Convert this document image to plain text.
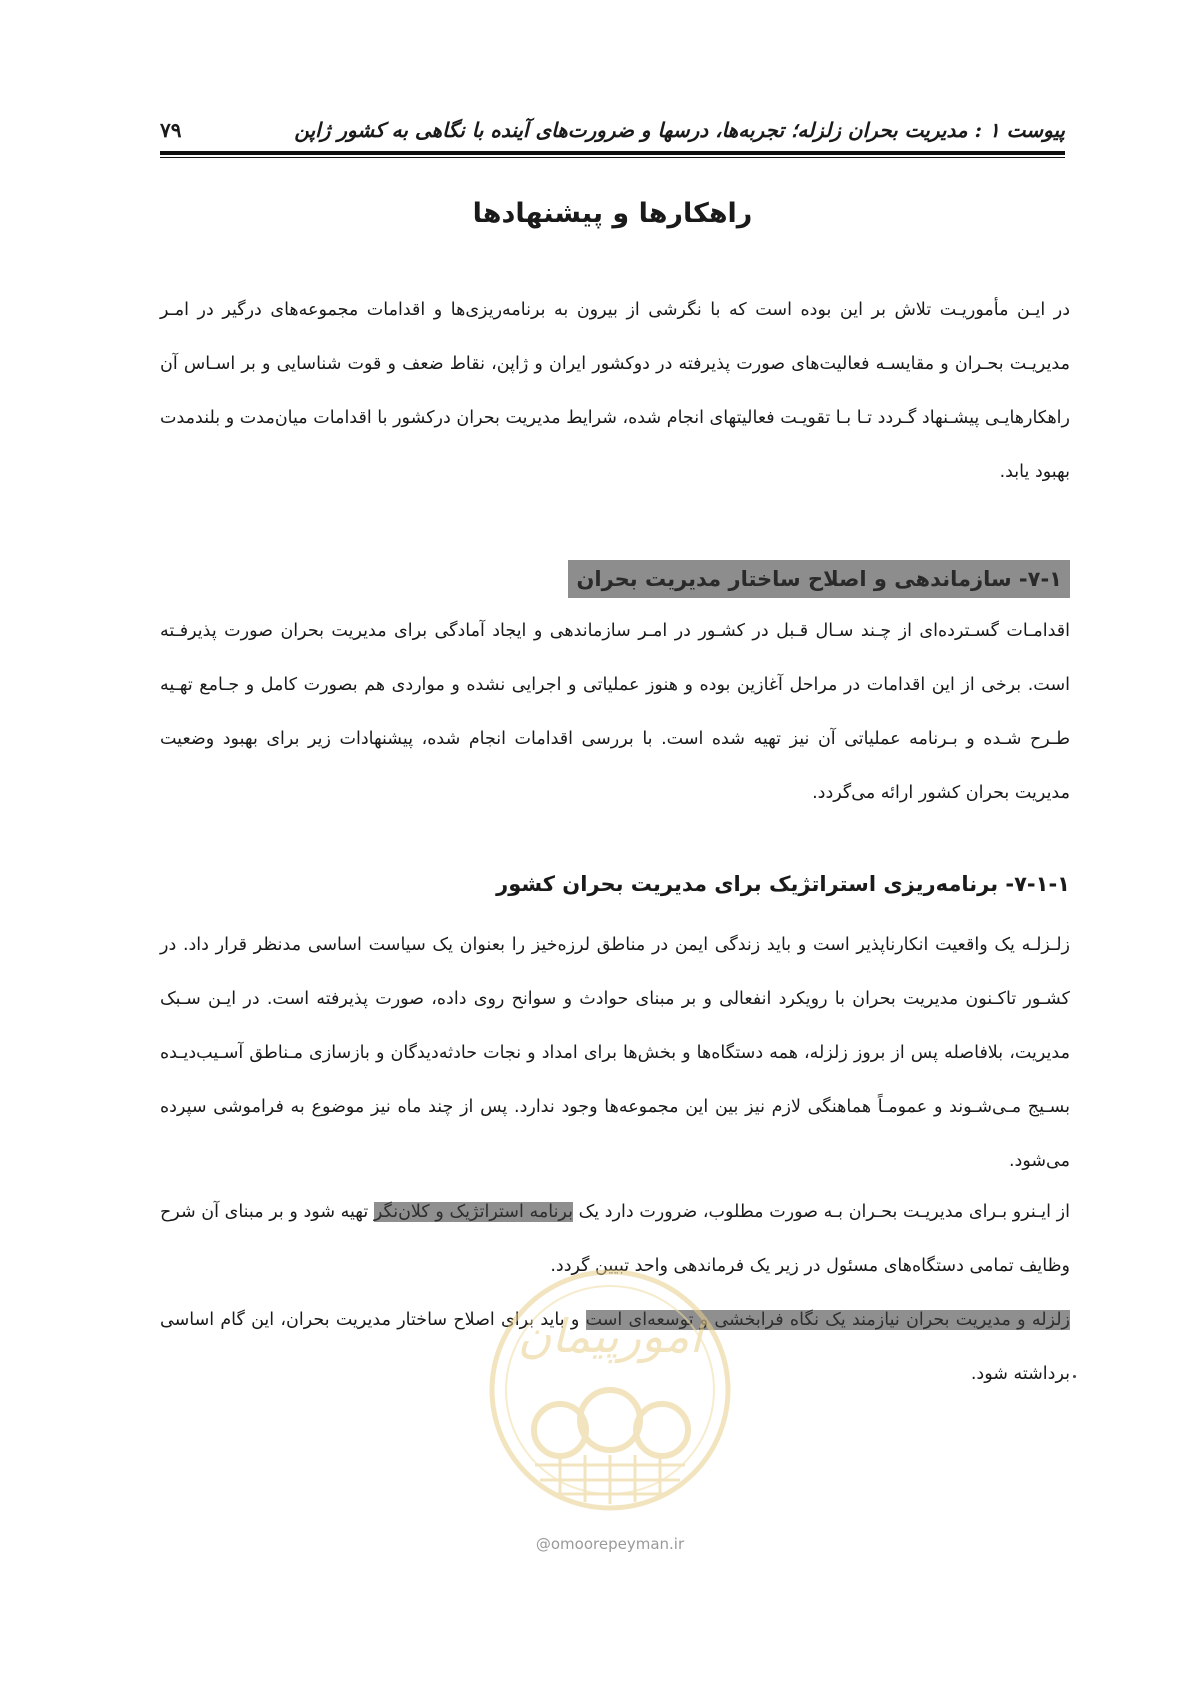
پیوست ۱ : مدیریت بحران زلزله؛ تجربه‌ها، درسها و ضرورت‌های آینده با نگاهی به کشور ژاپن
۷۹
راهکارها و پیشنهادها

در ایـن مأموریـت تلاش بر این بوده است که با نگرشی از بیرون به برنامه‌ریزی‌ها و اقدامات مجموعه‌های درگیر در امـر مدیریـت بحـران و مقایسـه فعالیت‌های صورت پذیرفته در دوکشور ایران و ژاپن، نقاط ضعف و قوت شناسایی و بر اسـاس آن راهکارهایـی پیشـنهاد گـردد تـا بـا تقویـت فعالیتهای انجام شده، شرایط مدیریت بحران درکشور با اقدامات میان‌مدت و بلندمدت بهبود یابد.

۷-۱- سازماندهی و اصلاح ساختار مدیریت بحران

اقدامـات گسـترده‌ای از چـند سـال قـبل در کشـور در امـر سازماندهی و ایجاد آمادگی برای مدیریت بحران صورت پذیرفـته است. برخی از این اقدامات در مراحل آغازین بوده و هنوز عملیاتی و اجرایی نشده و مواردی هم بصورت کامل و جـامع تهـیه طـرح شـده و بـرنامه عملیاتی آن نیز تهیه شده است. با بررسی اقدامات انجام شده، پیشنهادات زیر برای بهبود وضعیت مدیریت بحران کشور ارائه می‌گردد.

۷-۱-۱- برنامه‌ریزی استراتژیک برای مدیریت بحران کشور

زلـزلـه یک واقعیت انکارناپذیر است و باید زندگی ایمن در مناطق لرزه‌خیز را بعنوان یک سیاست اساسی مدنظر قرار داد. در کشـور تاکـنون مدیریت بحران با رویکرد انفعالی و بر مبنای حوادث و سوانح روی داده، صورت پذیرفته است. در ایـن سـبک مدیریت، بلافاصله پس از بروز زلزله، همه دستگاه‌ها و بخش‌ها برای امداد و نجات حادثه‌دیدگان و بازسازی مـناطق آسـیب‌دیـده بسـیج مـی‌شـوند و عمومـاً هماهنگی لازم نیز بین این مجموعه‌ها وجود ندارد. پس از چند ماه نیز موضوع به فراموشی سپرده می‌شود.

از ایـنرو بـرای مدیریـت بحـران بـه صورت مطلوب، ضرورت دارد یک برنامه استراتژیک و کلان‌نگر تهیه شود و بر مبنای آن شرح وظایف تمامی دستگاه‌های مسئول در زیر یک فرماندهی واحد تبیین گردد.

زلزله و مدیریت بحران نیازمند یک نگاه فرابخشی و توسعه‌ای است و باید برای اصلاح ساختار مدیریت بحران، این گام اساسی برداشته شود.

امورپیمان
@omoorepeyman.ir
